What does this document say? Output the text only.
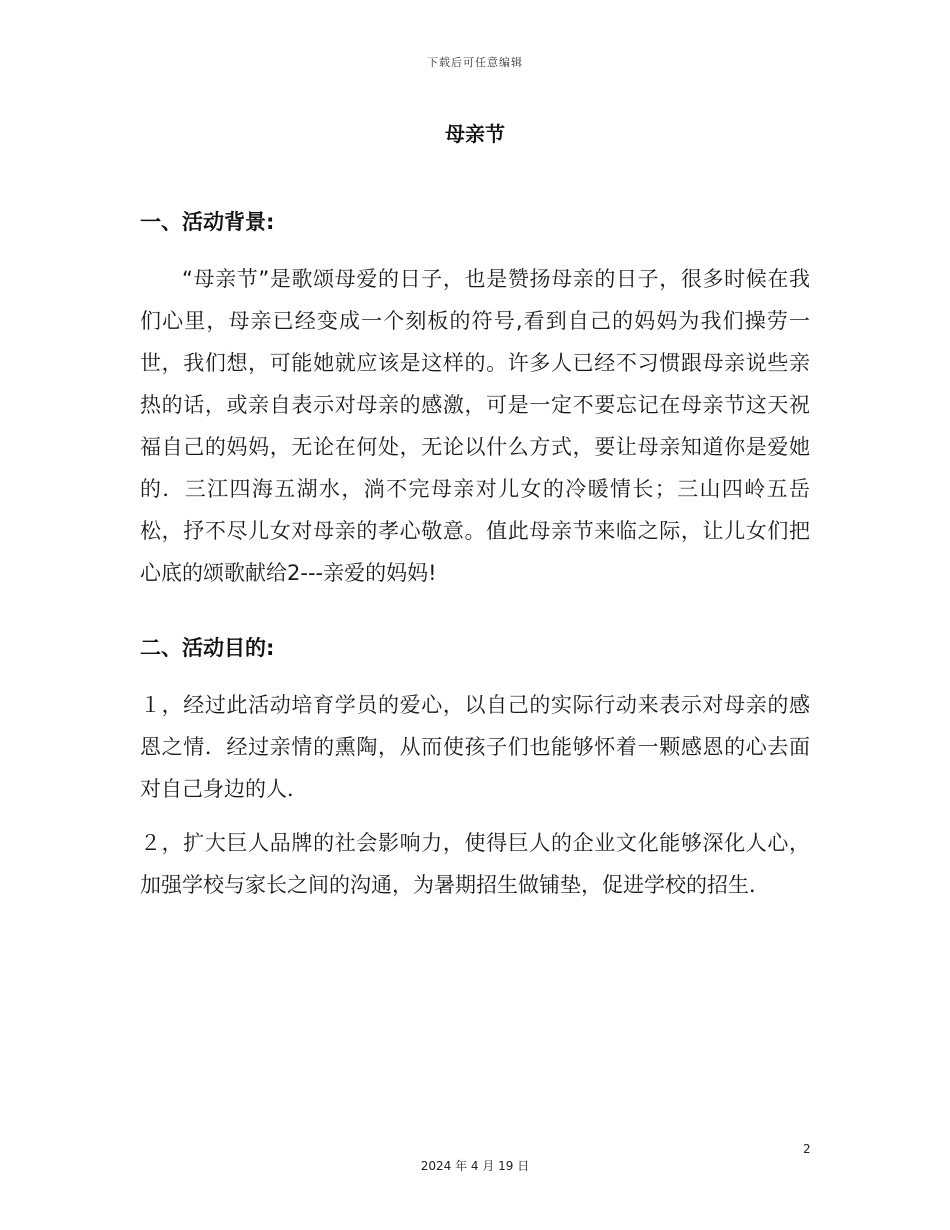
下载后可任意编辑
母亲节
一、活动背景:

“母亲节”是歌颂母爱的日子，也是赞扬母亲的日子，很多时候在我们心里，母亲已经变成一个刻板的符号,看到自己的妈妈为我们操劳一世，我们想，可能她就应该是这样的。许多人已经不习惯跟母亲说些亲热的话，或亲自表示对母亲的感激，可是一定不要忘记在母亲节这天祝福自己的妈妈，无论在何处，无论以什么方式，要让母亲知道你是爱她的．三江四海五湖水，淌不完母亲对儿女的冷暖情长；三山四岭五岳松，抒不尽儿女对母亲的孝心敬意。值此母亲节来临之际，让儿女们把心底的颂歌献给2---亲爱的妈妈!

二、活动目的:

１，经过此活动培育学员的爱心，以自己的实际行动来表示对母亲的感恩之情．经过亲情的熏陶，从而使孩子们也能够怀着一颗感恩的心去面对自己身边的人．

２，扩大巨人品牌的社会影响力，使得巨人的企业文化能够深化人心，加强学校与家长之间的沟通，为暑期招生做铺垫，促进学校的招生．

2
2024 年 4 月 19 日
